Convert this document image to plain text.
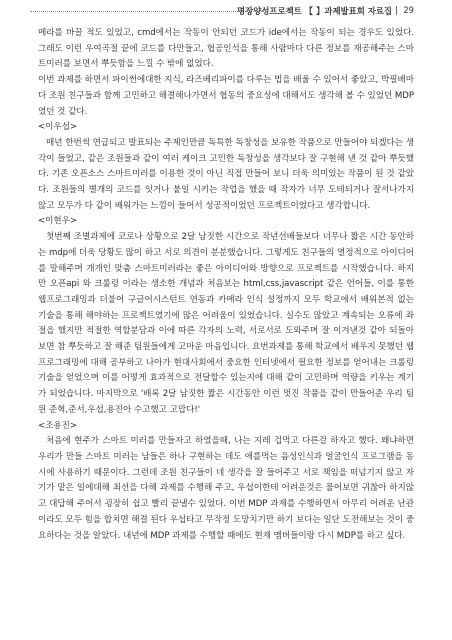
명장양성프로젝트 【 】과제발표회 자료집 | 29

메라를 바꿀 적도 있었고, cmd에서는 작동이 안되던 코드가 ide에서는 작동이 되는 경우도 있었다. 그래도 이런 우여곡절 끝에 코드를 다만들고, 협공인석을 통해 사람마다 다른 정보를 재공해주는 스마트미러를 보면서 뿌듯함을 느낄 수 밖에 없었다.

이번 과제를 하면서 파이썬에대한 지식, 라즈베리파이를 다루는 법을 배울 수 있어서 좋았고, 박필배마다 조원 친구들과 함께 고민하고 해결해나가면서 협동의 중요성에 대해서도 생각해 볼 수 있었던 MDP였던 것 같다.

<이우섭>

매년 한번씩 연급되고 발표되는 주제인만큼 독특한 독창성을 보유한 작품으로 만들어야 되겠다는 생각이 들었고, 같은 조원들과 같이 여러 케이크 고민한 독창성을 생각보다 잘 구현해 낸 것 같아 뿌듯했다. 기존 오픈소스 스마트미러를 이용한 것이 아닌 직접 만들어 보니 더욱 의미있는 작품이 된 것 같았다. 조원들의 별개의 코드를 잇거나 붙일 시키는 작업을 했을 때 작자가 너무 도테되거나 잘서나가지 않고 모두가 다 같이 배워가는 느낌이 들어서 성공적이었던 프로젝트이었다고 생각합니다.

<이현우>

첫번째 조별과제에 코로나 상황으로 2달 남짓한 시간으로 작년선배들보다 너무나 짧은 시간 동안하는 mdp에 더욱 당황도 많이 하고 서로 의견이 분분했습니다. 그렇게도 친구들의 열정적으로 아이디어를 말해주며 개개인 맞춤 스마트미러라는 좋은 아이디어와 방향으로 프로젝트를 시작했습니다. 하지만 오픈api 와 크롤링 이라는 생소한 개념과 처음보는 html,css,javascript 같은 언어들, 이를 통한 웹프로그래밍과 더불어 구글어시스턴트 연동과 카메라 인식 설정까지 모두 학교에서 배워본적 없는 기술을 통해 해야하는 프로젝트였기에 많은 어려움이 있었습니다. 실수도 많았고 계속되는 오류에 좌절을 했지만 적절한 역할분담과 이에 따른 각자의 노력, 서로서로 도와주며 잘 이겨낸것 같아 되돌아 보면 참 뿌듯하고 잘 해준 팀원들에게 고마운 마음입니다. 요번과제를 통해 학교에서 배우지 못했던 웹프로그래밍에 대해 공부하고 나아가 현대사회에서 중요한 인터넷에서 필요한 정보를 얻어내는 크롤링 기술을 얻었으며 이를 어떻게 효과적으로 전달할수 있는지에 대해 같이 고민하며 역량을 키우는 계기가 되었습니다. 마지막으로 '배록 2달 남짓한 짧은 시간동안 이런 멋진 작품을 같이 만들어준 우리 팀원 준혁,준서,우섭,용진아 수고했고 고맙다!'

<조용진>

처음에 현주가 스마트 미러를 만들자고 하였을때, 나는 지레 겁먹고 다른걸 하자고 했다. 왜냐하면 우리가 만들 스마트 미러는 남들은 하나 구현하는 데도 애를먹는 음성인식과 얼굴인식 프로그램을 동시에 사용하기 때문이다. 그런데 조원 친구들이 네 생각을 잘 들어주고 서로 책임을 떠넘기지 않고 자기가 맡은 일에대해 최선을 다해 과제를 수행해 주고, 우섭이한테 어려운것은 물어보면 귀찮아 하지않고 대답해 주어서 굉장히 쉽고 빨리 끝낼수 있었다. 이번 MDP 과제를 수행하면서 아무리 어려운 난관이라도 모두 힘을 합치면 해결 된다 우섭타고 무작정 도망치기만 하기 보다는 일단 도전해보는 것이 중요하다는 것을 알았다. 내년에 MDP 과제를 수행할 때에도 현재 멤버들이랑 다시 MDP를 하고 싶다.
